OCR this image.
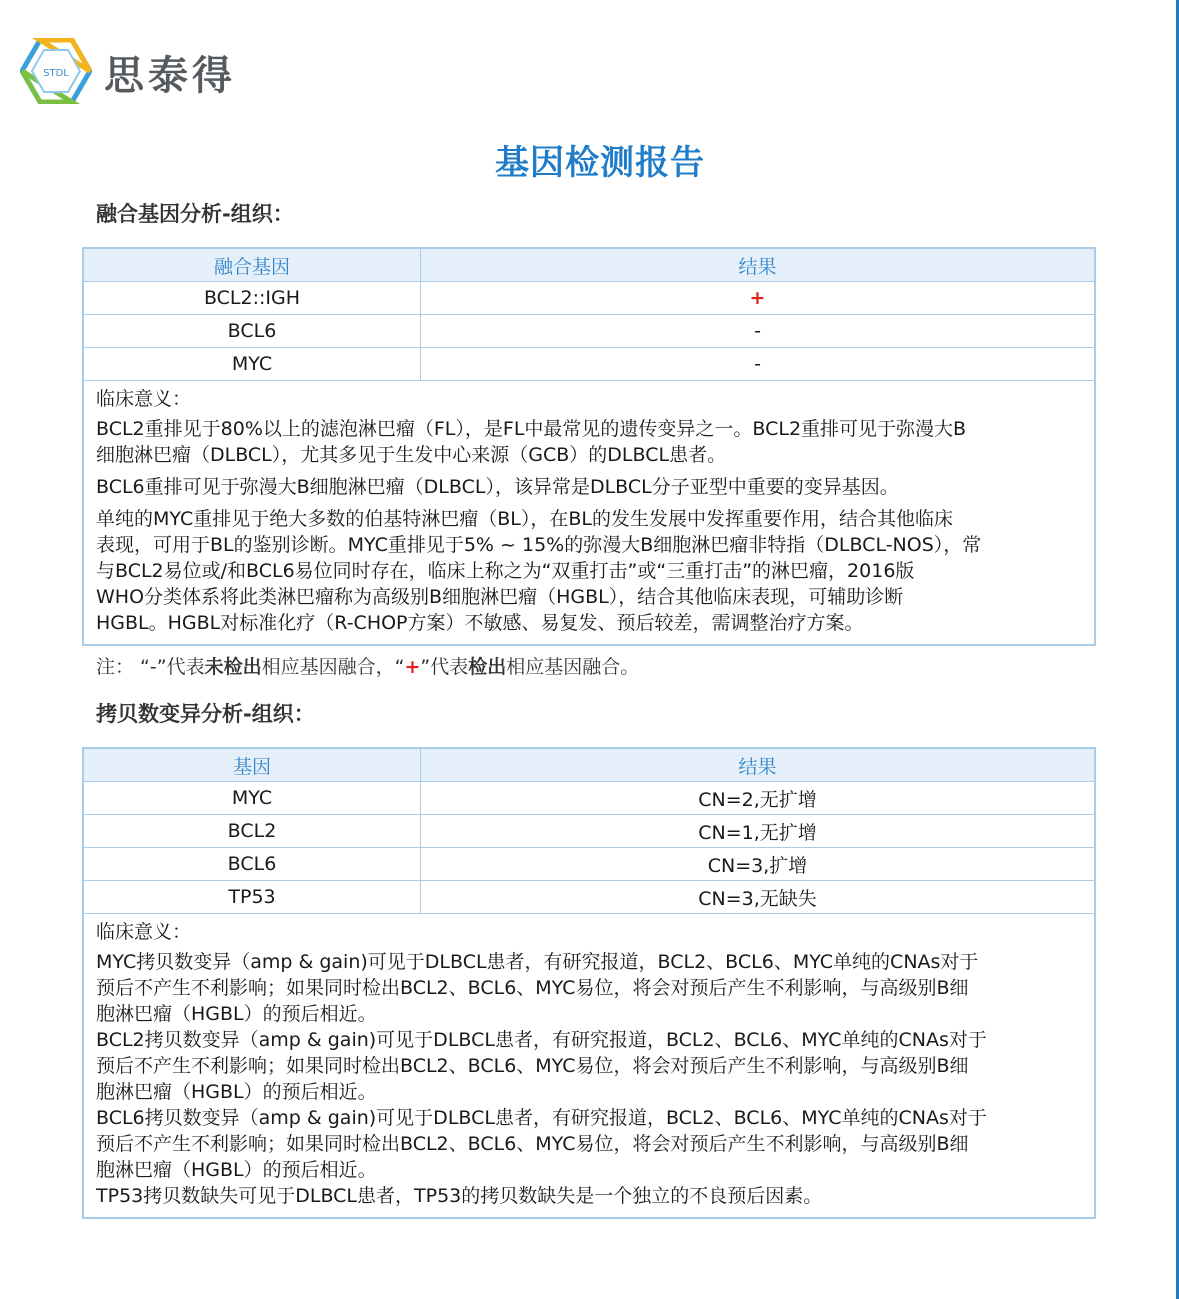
STDL 思泰得
基因检测报告
融合基因分析-组织：
融合基因	结果
BCL2::IGH	+
BCL6	-
MYC	-
临床意义：
BCL2重排见于80%以上的滤泡淋巴瘤（FL），是FL中最常见的遗传变异之一。BCL2重排可见于弥漫大B
细胞淋巴瘤（DLBCL），尤其多见于生发中心来源（GCB）的DLBCL患者。
BCL6重排可见于弥漫大B细胞淋巴瘤（DLBCL），该异常是DLBCL分子亚型中重要的变异基因。
单纯的MYC重排见于绝大多数的伯基特淋巴瘤（BL），在BL的发生发展中发挥重要作用，结合其他临床
表现，可用于BL的鉴别诊断。MYC重排见于5% ~ 15%的弥漫大B细胞淋巴瘤非特指（DLBCL-NOS），常
与BCL2易位或/和BCL6易位同时存在，临床上称之为“双重打击”或“三重打击”的淋巴瘤，2016版
WHO分类体系将此类淋巴瘤称为高级别B细胞淋巴瘤（HGBL），结合其他临床表现，可辅助诊断
HGBL。HGBL对标准化疗（R-CHOP方案）不敏感、易复发、预后较差，需调整治疗方案。
注： “-”代表未检出相应基因融合，“+”代表检出相应基因融合。
拷贝数变异分析-组织：
基因	结果
MYC	CN=2,无扩增
BCL2	CN=1,无扩增
BCL6	CN=3,扩增
TP53	CN=3,无缺失
临床意义：
MYC拷贝数变异（amp & gain)可见于DLBCL患者，有研究报道，BCL2、BCL6、MYC单纯的CNAs对于
预后不产生不利影响；如果同时检出BCL2、BCL6、MYC易位，将会对预后产生不利影响，与高级别B细
胞淋巴瘤（HGBL）的预后相近。
BCL2拷贝数变异（amp & gain)可见于DLBCL患者，有研究报道，BCL2、BCL6、MYC单纯的CNAs对于
预后不产生不利影响；如果同时检出BCL2、BCL6、MYC易位，将会对预后产生不利影响，与高级别B细
胞淋巴瘤（HGBL）的预后相近。
BCL6拷贝数变异（amp & gain)可见于DLBCL患者，有研究报道，BCL2、BCL6、MYC单纯的CNAs对于
预后不产生不利影响；如果同时检出BCL2、BCL6、MYC易位，将会对预后产生不利影响，与高级别B细
胞淋巴瘤（HGBL）的预后相近。
TP53拷贝数缺失可见于DLBCL患者，TP53的拷贝数缺失是一个独立的不良预后因素。
